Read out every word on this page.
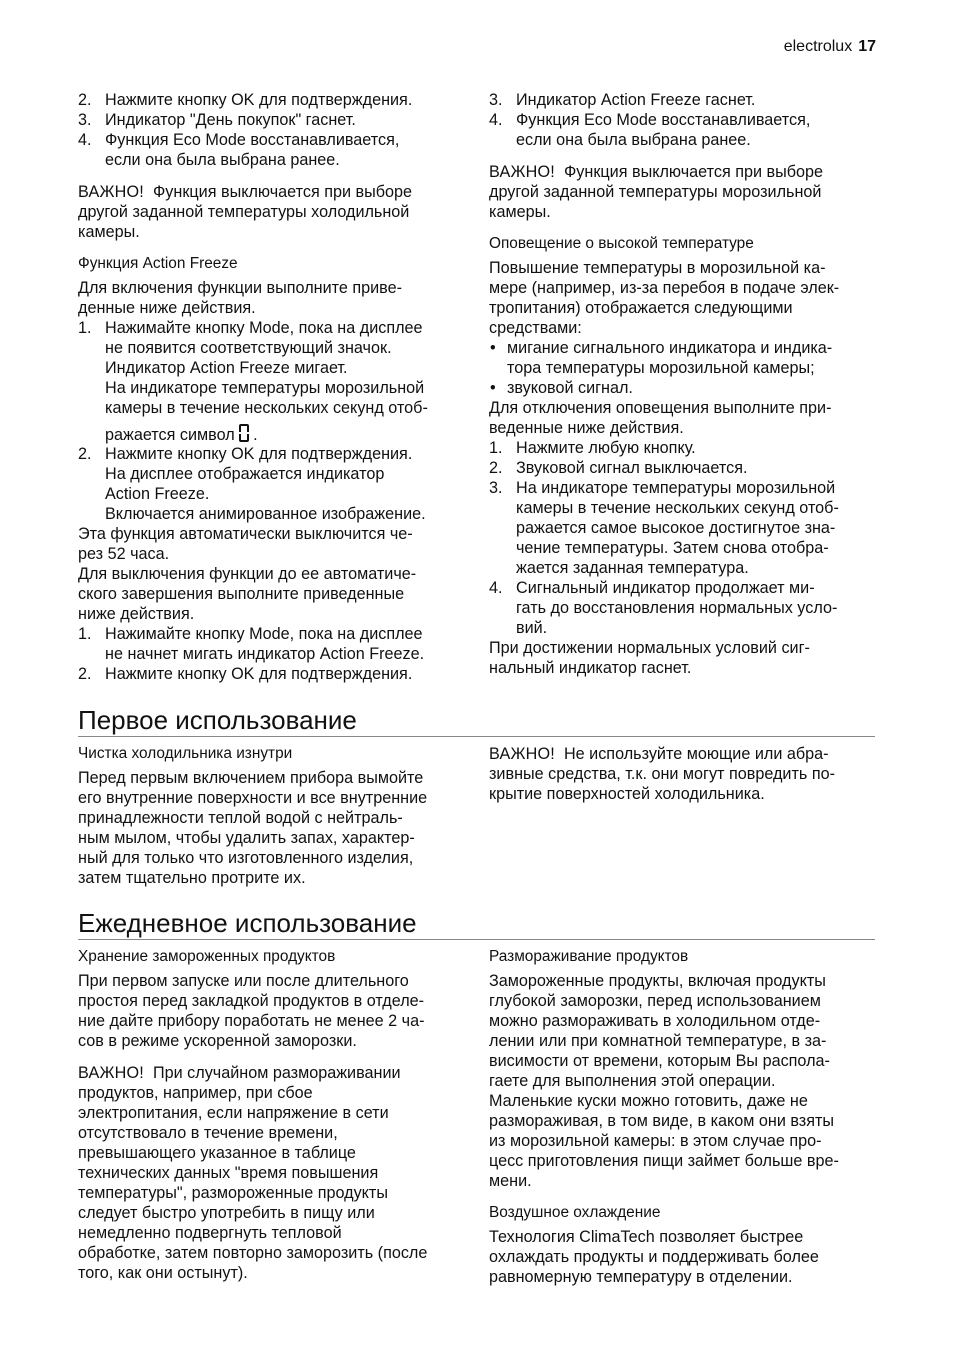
electrolux 17
2. Нажмите кнопку OK для подтверждения.
3. Индикатор "День покупок" гаснет.
4. Функция Eco Mode восстанавливается,
если она была выбрана ранее.
ВАЖНО! Функция выключается при выборе
другой заданной температуры холодильной
камеры.
Функция Action Freeze
Для включения функции выполните приве-
денные ниже действия.
1. Нажимайте кнопку Mode, пока на дисплее
не появится соответствующий значок.
Индикатор Action Freeze мигает.
На индикаторе температуры морозильной
камеры в течение нескольких секунд отоб-
ражается символ .
2. Нажмите кнопку OK для подтверждения.
На дисплее отображается индикатор
Action Freeze.
Включается анимированное изображение.
Эта функция автоматически выключится че-
рез 52 часа.
Для выключения функции до ее автоматиче-
ского завершения выполните приведенные
ниже действия.
1. Нажимайте кнопку Mode, пока на дисплее
не начнет мигать индикатор Action Freeze.
2. Нажмите кнопку OK для подтверждения.
3. Индикатор Action Freeze гаснет.
4. Функция Eco Mode восстанавливается,
если она была выбрана ранее.
ВАЖНО! Функция выключается при выборе
другой заданной температуры морозильной
камеры.
Оповещение о высокой температуре
Повышение температуры в морозильной ка-
мере (например, из-за перебоя в подаче элек-
тропитания) отображается следующими
средствами:
• мигание сигнального индикатора и индика-
тора температуры морозильной камеры;
• звуковой сигнал.
Для отключения оповещения выполните при-
веденные ниже действия.
1. Нажмите любую кнопку.
2. Звуковой сигнал выключается.
3. На индикаторе температуры морозильной
камеры в течение нескольких секунд отоб-
ражается самое высокое достигнутое зна-
чение температуры. Затем снова отобра-
жается заданная температура.
4. Сигнальный индикатор продолжает ми-
гать до восстановления нормальных усло-
вий.
При достижении нормальных условий сиг-
нальный индикатор гаснет.
Первое использование
Чистка холодильника изнутри
Перед первым включением прибора вымойте
его внутренние поверхности и все внутренние
принадлежности теплой водой с нейтраль-
ным мылом, чтобы удалить запах, характер-
ный для только что изготовленного изделия,
затем тщательно протрите их.
ВАЖНО! Не используйте моющие или абра-
зивные средства, т.к. они могут повредить по-
крытие поверхностей холодильника.
Ежедневное использование
Хранение замороженных продуктов
При первом запуске или после длительного
простоя перед закладкой продуктов в отделе-
ние дайте прибору поработать не менее 2 ча-
сов в режиме ускоренной заморозки.
ВАЖНО! При случайном размораживании
продуктов, например, при сбое
электропитания, если напряжение в сети
отсутствовало в течение времени,
превышающего указанное в таблице
технических данных "время повышения
температуры", размороженные продукты
следует быстро употребить в пищу или
немедленно подвергнуть тепловой
обработке, затем повторно заморозить (после
того, как они остынут).
Размораживание продуктов
Замороженные продукты, включая продукты
глубокой заморозки, перед использованием
можно размораживать в холодильном отде-
лении или при комнатной температуре, в за-
висимости от времени, которым Вы распола-
гаете для выполнения этой операции.
Маленькие куски можно готовить, даже не
размораживая, в том виде, в каком они взяты
из морозильной камеры: в этом случае про-
цесс приготовления пищи займет больше вре-
мени.
Воздушное охлаждение
Технология ClimaTech позволяет быстрее
охлаждать продукты и поддерживать более
равномерную температуру в отделении.
